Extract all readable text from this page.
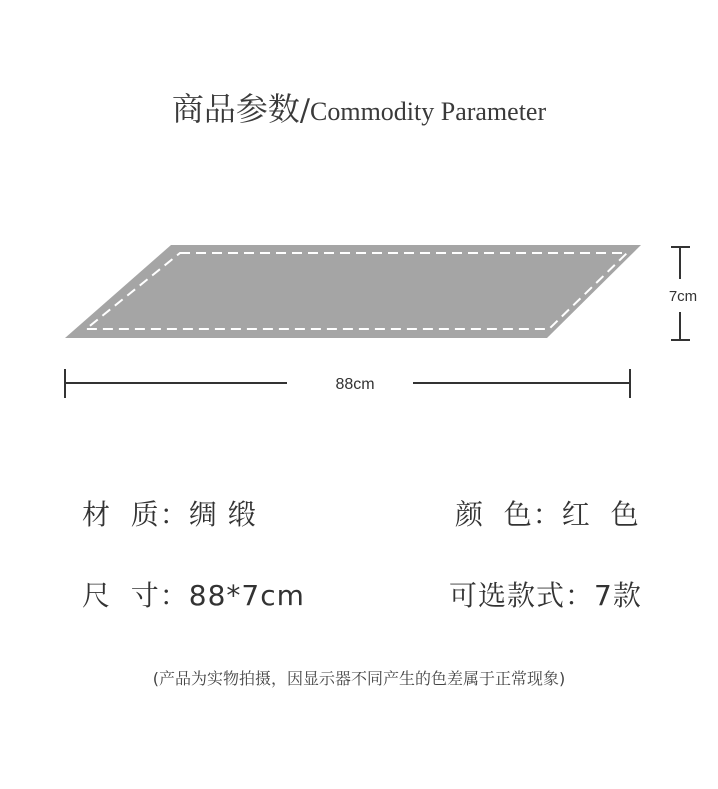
商品参数/Commodity Parameter
7cm
88cm
材  质：绸 缎	颜  色：红  色
尺  寸：88*7cm	可选款式：7款
(产品为实物拍摄，因显示器不同产生的色差属于正常现象)
